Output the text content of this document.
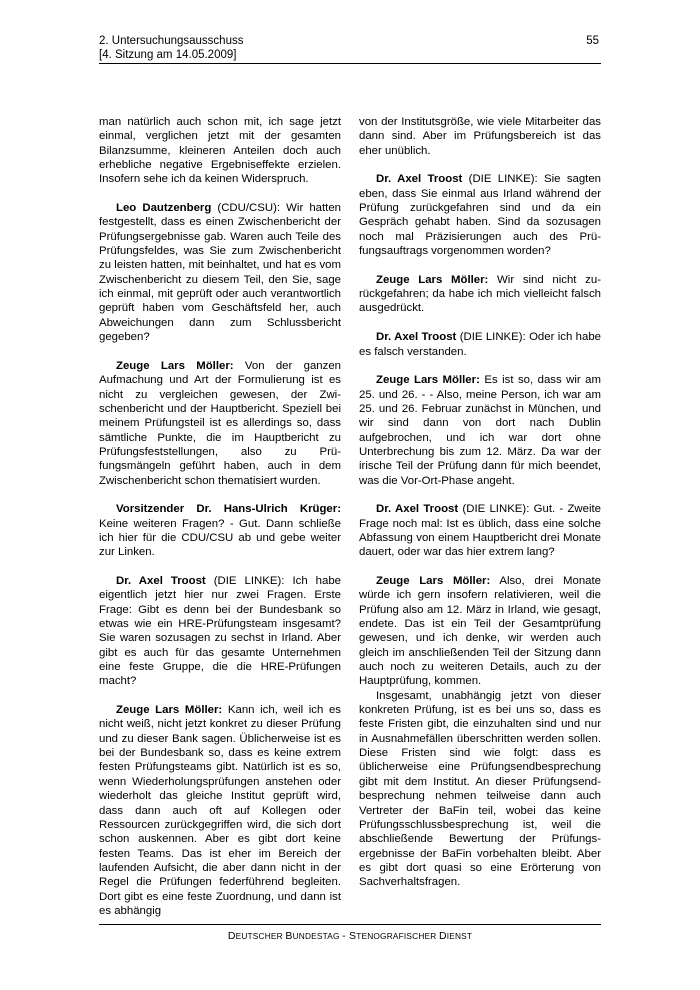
2. Untersuchungsausschuss
[4. Sitzung am 14.05.2009]
55

man natürlich auch schon mit, ich sage jetzt einmal, verglichen jetzt mit der gesamten Bilanzsumme, kleineren Anteilen doch auch erhebliche negative Ergebniseffekte erzielen. Insofern sehe ich da keinen Widerspruch.

Leo Dautzenberg (CDU/CSU): Wir hatten festgestellt, dass es einen Zwischenbericht der Prüfungsergebnisse gab. Waren auch Teile des Prüfungsfeldes, was Sie zum Zwischenbericht zu leisten hatten, mit beinhaltet, und hat es vom Zwischenbericht zu diesem Teil, den Sie, sage ich einmal, mit geprüft oder auch verantwortlich geprüft haben vom Geschäftsfeld her, auch Abweichungen dann zum Schlussbericht gegeben?

Zeuge Lars Möller: Von der ganzen Aufmachung und Art der Formulierung ist es nicht zu vergleichen gewesen, der Zwischenbericht und der Hauptbericht. Speziell bei meinem Prüfungsteil ist es allerdings so, dass sämtliche Punkte, die im Hauptbericht zu Prüfungsfeststellungen, also zu Prüfungsmängeln geführt haben, auch in dem Zwischenbericht schon thematisiert wurden.

Vorsitzender Dr. Hans-Ulrich Krüger: Keine weiteren Fragen? - Gut. Dann schließe ich hier für die CDU/CSU ab und gebe weiter zur Linken.

Dr. Axel Troost (DIE LINKE): Ich habe eigentlich jetzt hier nur zwei Fragen. Erste Frage: Gibt es denn bei der Bundesbank so etwas wie ein HRE-Prüfungsteam insgesamt? Sie waren sozusagen zu sechst in Irland. Aber gibt es auch für das gesamte Unternehmen eine feste Gruppe, die die HRE-Prüfungen macht?

Zeuge Lars Möller: Kann ich, weil ich es nicht weiß, nicht jetzt konkret zu dieser Prüfung und zu dieser Bank sagen. Üblicherweise ist es bei der Bundesbank so, dass es keine extrem festen Prüfungsteams gibt. Natürlich ist es so, wenn Wiederholungsprüfungen anstehen oder wiederholt das gleiche Institut geprüft wird, dass dann auch oft auf Kollegen oder Ressourcen zurückgegriffen wird, die sich dort schon auskennen. Aber es gibt dort keine festen Teams. Das ist eher im Bereich der laufenden Aufsicht, die aber dann nicht in der Regel die Prüfungen federführend begleiten. Dort gibt es eine feste Zuordnung, und dann ist es abhängig

von der Institutsgröße, wie viele Mitarbeiter das dann sind. Aber im Prüfungsbereich ist das eher unüblich.

Dr. Axel Troost (DIE LINKE): Sie sagten eben, dass Sie einmal aus Irland während der Prüfung zurückgefahren sind und da ein Gespräch gehabt haben. Sind da sozusagen noch mal Präzisierungen auch des Prüfungsauftrags vorgenommen worden?

Zeuge Lars Möller: Wir sind nicht zurückgefahren; da habe ich mich vielleicht falsch ausgedrückt.

Dr. Axel Troost (DIE LINKE): Oder ich habe es falsch verstanden.

Zeuge Lars Möller: Es ist so, dass wir am 25. und 26. - - Also, meine Person, ich war am 25. und 26. Februar zunächst in München, und wir sind dann von dort nach Dublin aufgebrochen, und ich war dort ohne Unterbrechung bis zum 12. März. Da war der irische Teil der Prüfung dann für mich beendet, was die Vor-Ort-Phase angeht.

Dr. Axel Troost (DIE LINKE): Gut. - Zweite Frage noch mal: Ist es üblich, dass eine solche Abfassung von einem Hauptbericht drei Monate dauert, oder war das hier extrem lang?

Zeuge Lars Möller: Also, drei Monate würde ich gern insofern relativieren, weil die Prüfung also am 12. März in Irland, wie gesagt, endete. Das ist ein Teil der Gesamtprüfung gewesen, und ich denke, wir werden auch gleich im anschließenden Teil der Sitzung dann auch noch zu weiteren Details, auch zu der Hauptprüfung, kommen.

Insgesamt, unabhängig jetzt von dieser konkreten Prüfung, ist es bei uns so, dass es feste Fristen gibt, die einzuhalten sind und nur in Ausnahmefällen überschritten werden sollen. Diese Fristen sind wie folgt: dass es üblicherweise eine Prüfungsendbesprechung gibt mit dem Institut. An dieser Prüfungsendbesprechung nehmen teilweise dann auch Vertreter der BaFin teil, wobei das keine Prüfungsschlussbesprechung ist, weil die abschließende Bewertung der Prüfungsergebnisse der BaFin vorbehalten bleibt. Aber es gibt dort quasi so eine Erörterung von Sachverhaltsfragen.

DEUTSCHER BUNDESTAG - STENOGRAFISCHER DIENST
